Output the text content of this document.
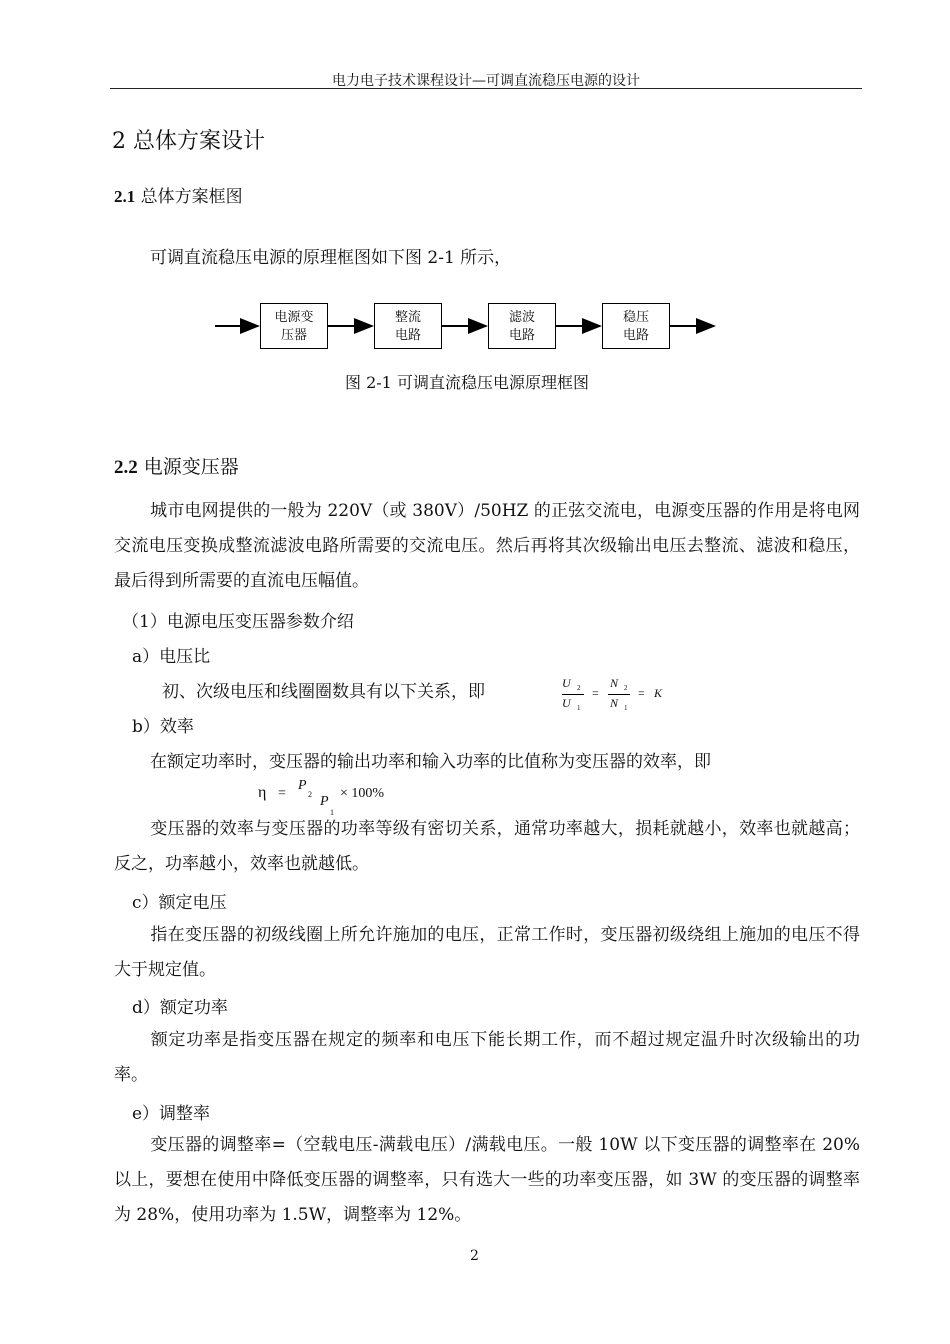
电力电子技术课程设计—可调直流稳压电源的设计
2 总体方案设计
2.1 总体方案框图
可调直流稳压电源的原理框图如下图 2-1 所示，
电源变
压器
整流
电路
滤波
电路
稳压
电路
图 2-1 可调直流稳压电源原理框图
2.2 电源变压器
城市电网提供的一般为 220V（或 380V）/50HZ 的正弦交流电，电源变压器的作用是将电网交流电压变换成整流滤波电路所需要的交流电压。然后再将其次级输出电压去整流、滤波和稳压，最后得到所需要的直流电压幅值。
（1）电源电压变压器参数介绍
a）电压比
初、次级电压和线圈圈数具有以下关系，即	U 2
U 1
=
N 2
N 1
= K
b）效率
在额定功率时，变压器的输出功率和输入功率的比值称为变压器的效率，即
η =
P
2 P
1
× 100%
变压器的效率与变压器的功率等级有密切关系，通常功率越大，损耗就越小，效率也就越高；反之，功率越小，效率也就越低。
c）额定电压
指在变压器的初级线圈上所允许施加的电压，正常工作时，变压器初级绕组上施加的电压不得大于规定值。
d）额定功率
额定功率是指变压器在规定的频率和电压下能长期工作，而不超过规定温升时次级输出的功率。
e）调整率
变压器的调整率=（空载电压-满载电压）/满载电压。一般 10W 以下变压器的调整率在 20%以上，要想在使用中降低变压器的调整率，只有选大一些的功率变压器，如 3W 的变压器的调整率为 28%，使用功率为 1.5W，调整率为 12%。
2
